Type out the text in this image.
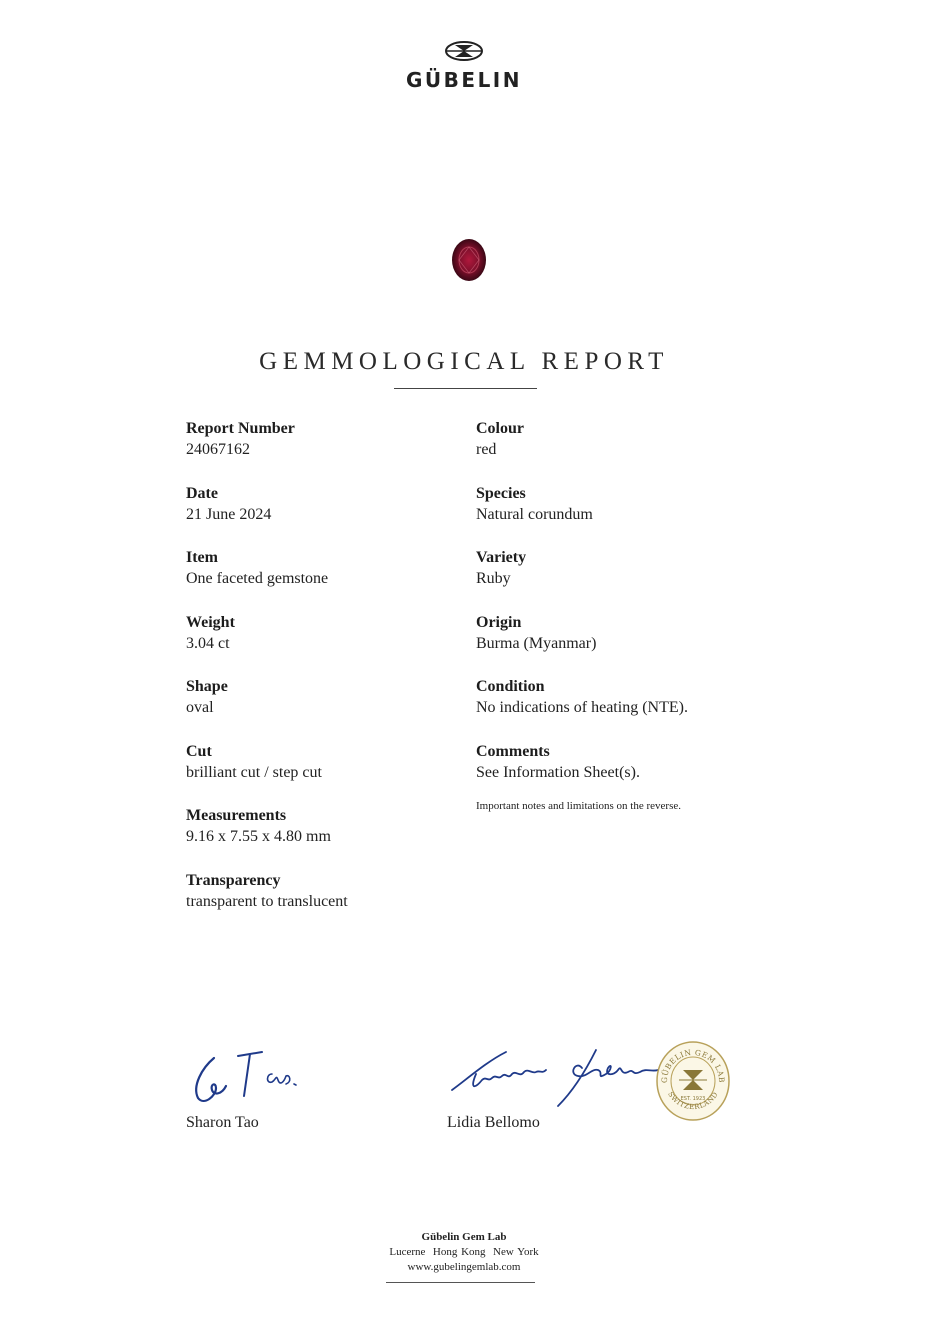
GÜBELIN
GEMMOLOGICAL REPORT
Report Number
24067162
Date
21 June 2024
Item
One faceted gemstone
Weight
3.04 ct
Shape
oval
Cut
brilliant cut / step cut
Measurements
9.16 x 7.55 x 4.80 mm
Transparency
transparent to translucent
Colour
red
Species
Natural corundum
Variety
Ruby
Origin
Burma (Myanmar)
Condition
No indications of heating (NTE).
Comments
See Information Sheet(s).
Important notes and limitations on the reverse.
Sharon Tao	Lidia Bellomo
GÜBELIN GEM LAB
SWITZERLAND
EST. 1923
Gübelin Gem Lab
Lucerne  Hong Kong  New York
www.gubelingemlab.com
